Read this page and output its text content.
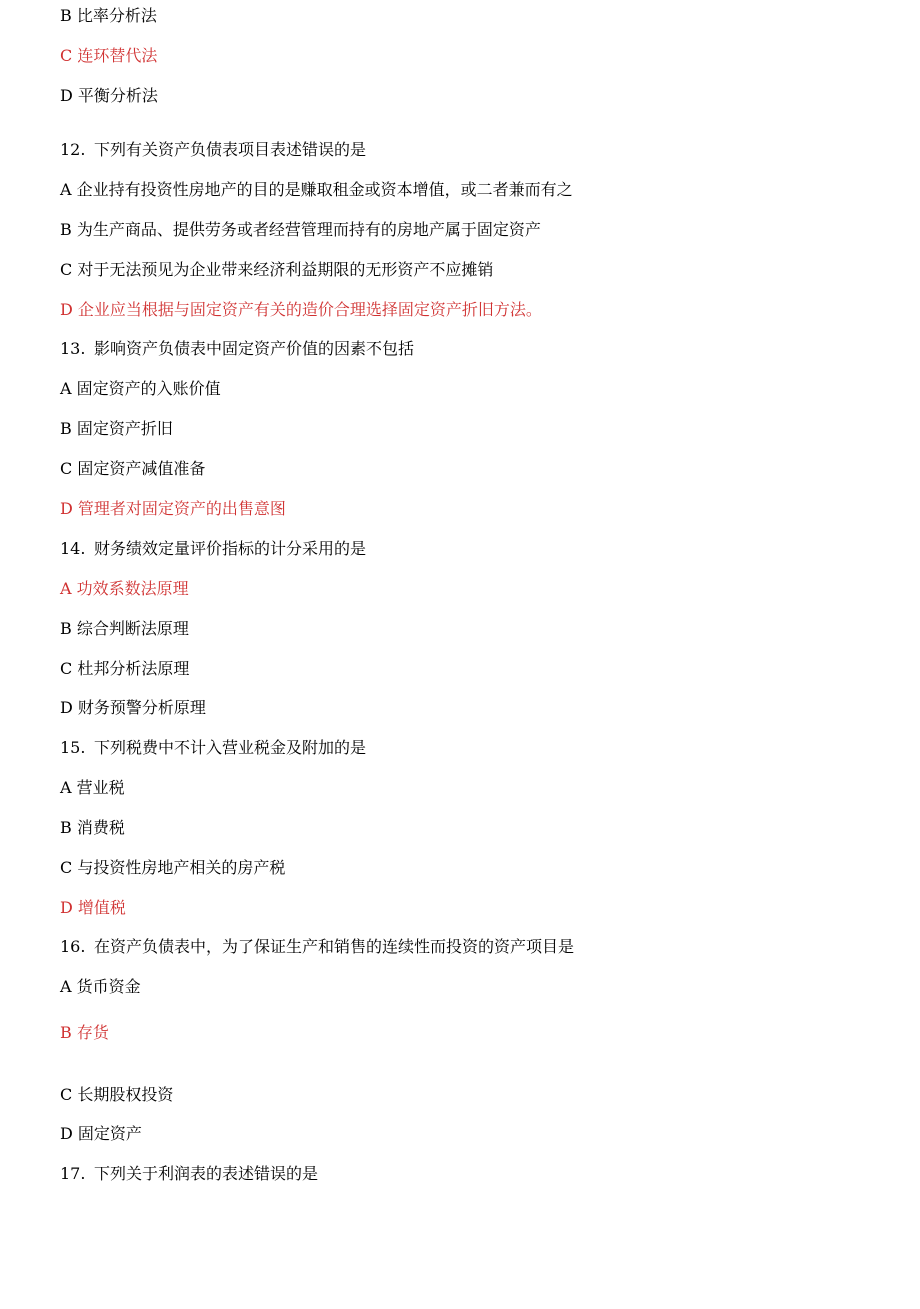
B 比率分析法
C 连环替代法
D 平衡分析法
12. 下列有关资产负债表项目表述错误的是
A 企业持有投资性房地产的目的是赚取租金或资本增值，或二者兼而有之
B 为生产商品、提供劳务或者经营管理而持有的房地产属于固定资产
C 对于无法预见为企业带来经济利益期限的无形资产不应摊销
D 企业应当根据与固定资产有关的造价合理选择固定资产折旧方法。
13. 影响资产负债表中固定资产价值的因素不包括
A 固定资产的入账价值
B 固定资产折旧
C 固定资产减值准备
D 管理者对固定资产的出售意图
14. 财务绩效定量评价指标的计分采用的是
A 功效系数法原理
B 综合判断法原理
C 杜邦分析法原理
D 财务预警分析原理
15. 下列税费中不计入营业税金及附加的是
A 营业税
B 消费税
C 与投资性房地产相关的房产税
D 增值税
16. 在资产负债表中，为了保证生产和销售的连续性而投资的资产项目是
A 货币资金
B 存货
C 长期股权投资
D 固定资产
17. 下列关于利润表的表述错误的是
